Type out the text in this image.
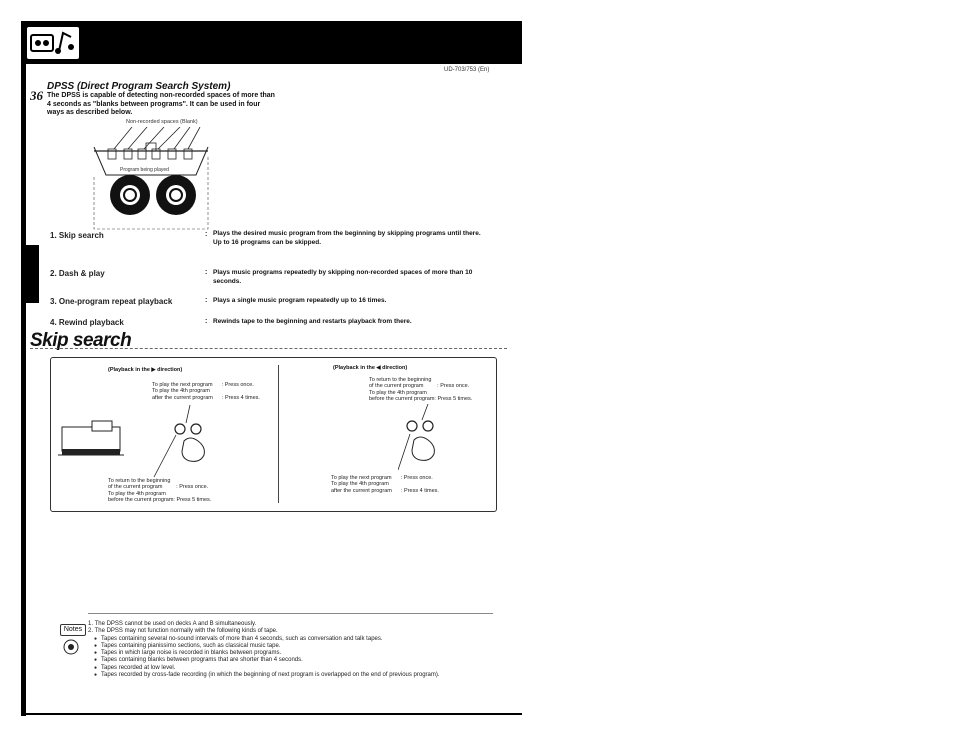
UD-703/753 (En)
36
DPSS (Direct Program Search System)
The DPSS is capable of detecting non-recorded spaces of more than 4 seconds as "blanks between programs". It can be used in four ways as described below.
Non-recorded spaces (Blank)
Program being played
1. Skip search	: Plays the desired music program from the beginning by skipping programs until there.
Up to 16 programs can be skipped.
2. Dash & play	: Plays music programs repeatedly by skipping non-recorded spaces of more than 10 seconds.
3. One-program repeat playback	: Plays a single music program repeatedly up to 16 times.
4. Rewind playback	: Rewinds tape to the beginning and restarts playback from there.
Skip search
(Playback in the ▶ direction)
To play the next program      : Press once.
To play the 4th program
after the current program      : Press 4 times.
To return to the beginning
of the current program         : Press once.
To play the 4th program
before the current program: Press 5 times.
(Playback in the ◀ direction)
To return to the beginning
of the current program         : Press once.
To play the 4th program
before the current program: Press 5 times.
To play the next program      : Press once.
To play the 4th program
after the current program      : Press 4 times.
Notes
1. The DPSS cannot be used on decks A and B simultaneously.
2. The DPSS may not function normally with the following kinds of tape.
● Tapes containing several no-sound intervals of more than 4 seconds, such as conversation and talk tapes.
● Tapes containing pianissimo sections, such as classical music tape.
● Tapes in which large noise is recorded in blanks between programs.
● Tapes containing blanks between programs that are shorter than 4 seconds.
● Tapes recorded at low level.
● Tapes recorded by cross-fade recording (in which the beginning of next program is overlapped on the end of previous program).
